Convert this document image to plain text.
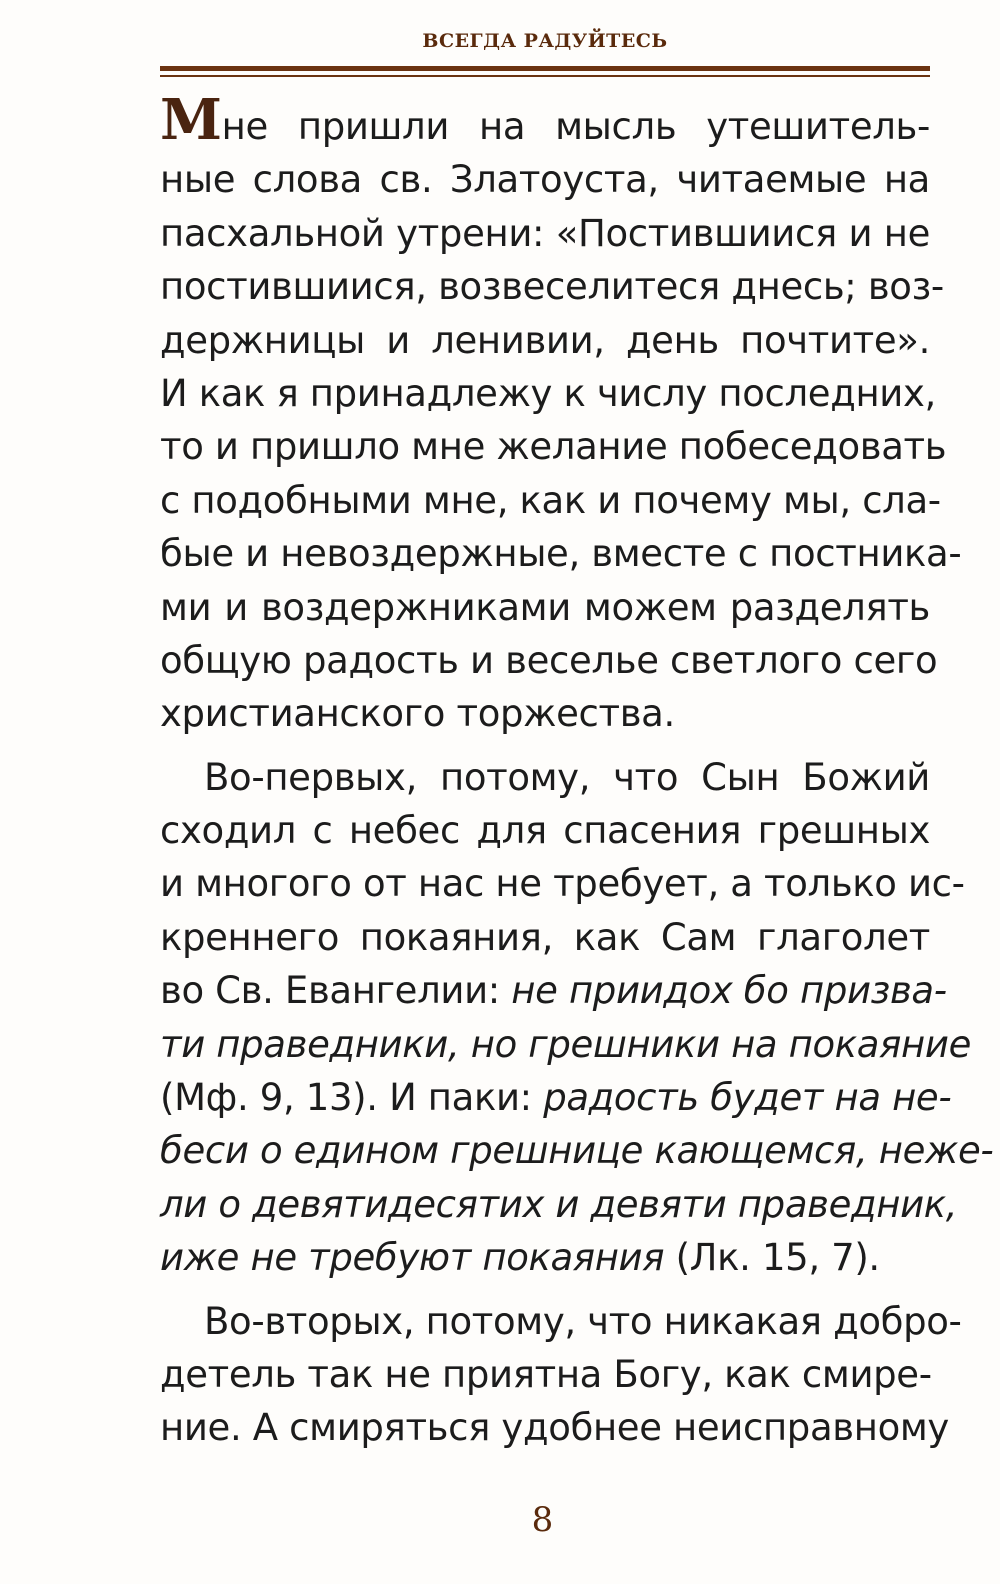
ВСЕГДА РАДУЙТЕСЬ
Мне пришли на мысль утешитель-
ные слова св. Златоуста, читаемые на
пасхальной утрени: «Постившиися и не
постившиися, возвеселитеся днесь; воз-
держницы и ленивии, день почтите».
И как я принадлежу к числу последних,
то и пришло мне желание побеседовать
с подобными мне, как и почему мы, сла-
бые и невоздержные, вместе с постника-
ми и воздержниками можем разделять
общую радость и веселье светлого сего
христианского торжества.
Во-первых, потому, что Сын Божий
сходил с небес для спасения грешных
и многого от нас не требует, а только ис-
креннего покаяния, как Сам глаголет
во Св. Евангелии: не приидох бо призва-
ти праведники, но грешники на покаяние
(Мф. 9, 13). И паки: радость будет на не-
беси о едином грешнице кающемся, неже-
ли о девятидесятих и девяти праведник,
иже не требуют покаяния (Лк. 15, 7).
Во-вторых, потому, что никакая добро-
детель так не приятна Богу, как смире-
ние. А смиряться удобнее неисправному
8
